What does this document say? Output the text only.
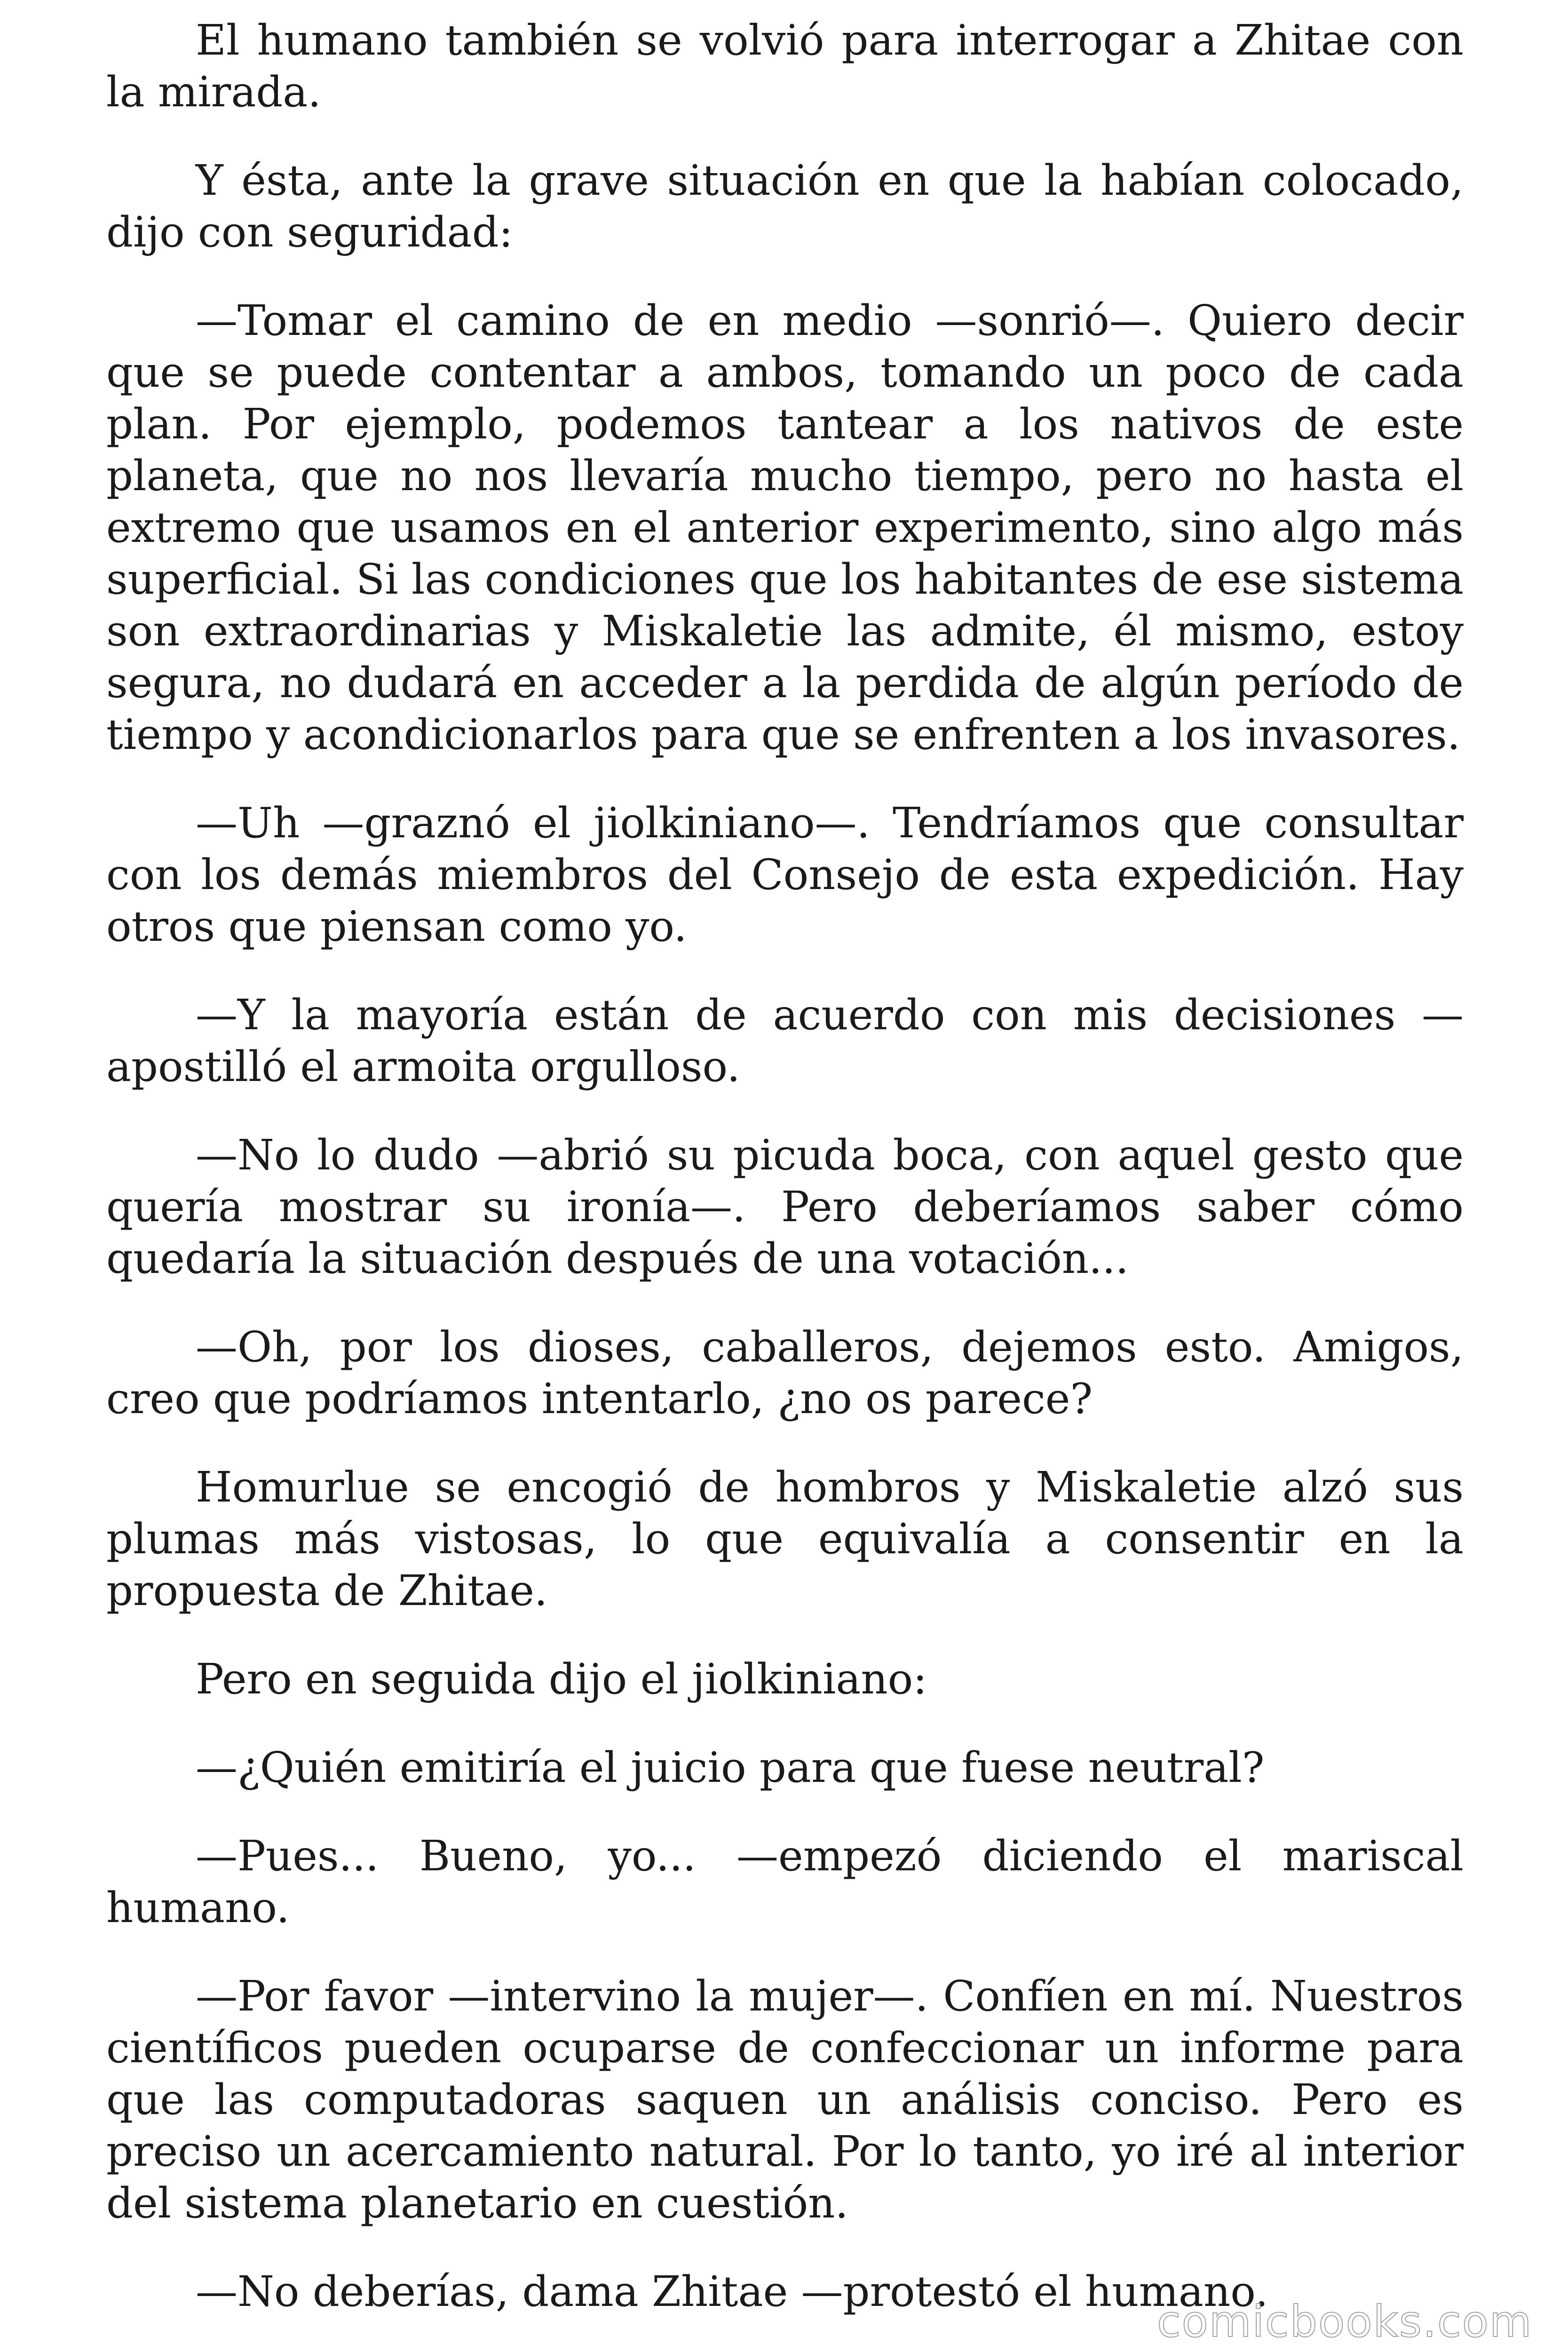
El humano también se volvió para interrogar a Zhitae con la mirada.

Y ésta, ante la grave situación en que la habían colocado, dijo con seguridad:

—Tomar el camino de en medio —sonrió—. Quiero decir que se puede contentar a ambos, tomando un poco de cada plan. Por ejemplo, podemos tantear a los nativos de este planeta, que no nos llevaría mucho tiempo, pero no hasta el extremo que usamos en el anterior experimento, sino algo más superficial. Si las condiciones que los habitantes de ese sistema son extraordinarias y Miskaletie las admite, él mismo, estoy segura, no dudará en acceder a la perdida de algún período de tiempo y acondicionarlos para que se enfrenten a los invasores.

—Uh —graznó el jiolkiniano—. Tendríamos que consultar con los demás miembros del Consejo de esta expedición. Hay otros que piensan como yo.

—Y la mayoría están de acuerdo con mis decisiones —apostilló el armoita orgulloso.

—No lo dudo —abrió su picuda boca, con aquel gesto que quería mostrar su ironía—. Pero deberíamos saber cómo quedaría la situación después de una votación...

—Oh, por los dioses, caballeros, dejemos esto. Amigos, creo que podríamos intentarlo, ¿no os parece?

Homurlue se encogió de hombros y Miskaletie alzó sus plumas más vistosas, lo que equivalía a consentir en la propuesta de Zhitae.

Pero en seguida dijo el jiolkiniano:

—¿Quién emitiría el juicio para que fuese neutral?

—Pues... Bueno, yo... —empezó diciendo el mariscal humano.

—Por favor —intervino la mujer—. Confíen en mí. Nuestros científicos pueden ocuparse de confeccionar un informe para que las computadoras saquen un análisis conciso. Pero es preciso un acercamiento natural. Por lo tanto, yo iré al interior del sistema planetario en cuestión.

—No deberías, dama Zhitae —protestó el humano.

comicbooks.com
